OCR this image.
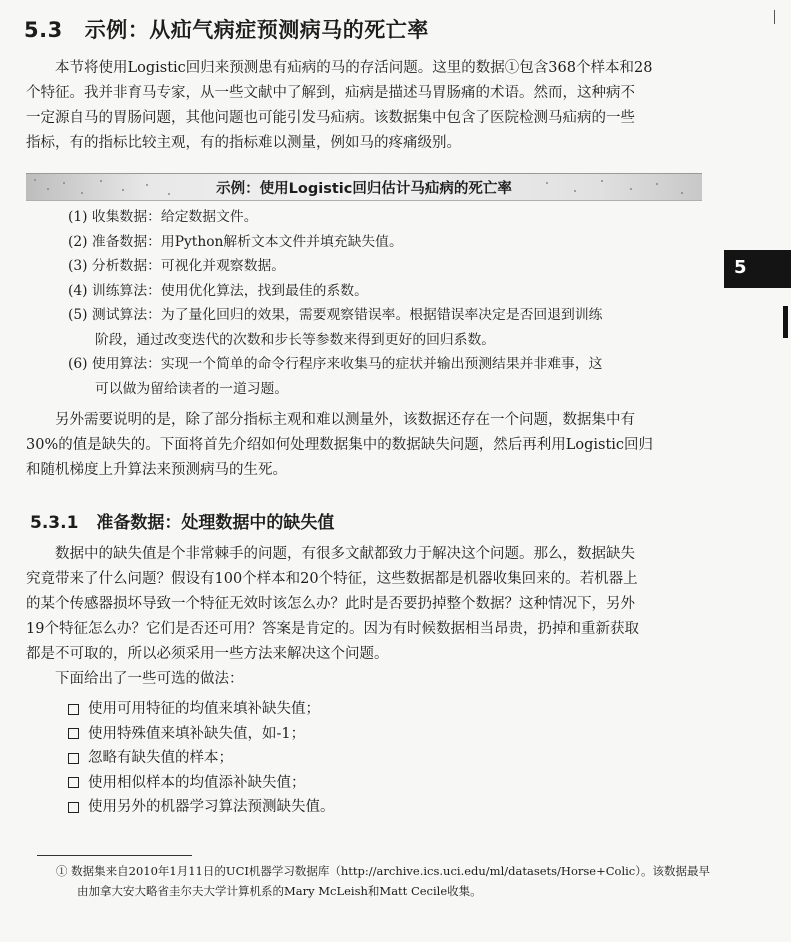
5.3 示例：从疝气病症预测病马的死亡率
本节将使用Logistic回归来预测患有疝病的马的存活问题。这里的数据①包含368个样本和28
个特征。我并非育马专家，从一些文献中了解到，疝病是描述马胃肠痛的术语。然而，这种病不
一定源自马的胃肠问题，其他问题也可能引发马疝病。该数据集中包含了医院检测马疝病的一些
指标，有的指标比较主观，有的指标难以测量，例如马的疼痛级别。
示例：使用Logistic回归估计马疝病的死亡率
(1) 收集数据：给定数据文件。
(2) 准备数据：用Python解析文本文件并填充缺失值。
(3) 分析数据：可视化并观察数据。
(4) 训练算法：使用优化算法，找到最佳的系数。
(5) 测试算法：为了量化回归的效果，需要观察错误率。根据错误率决定是否回退到训练
阶段，通过改变迭代的次数和步长等参数来得到更好的回归系数。
(6) 使用算法：实现一个简单的命令行程序来收集马的症状并输出预测结果并非难事，这
可以做为留给读者的一道习题。
另外需要说明的是，除了部分指标主观和难以测量外，该数据还存在一个问题，数据集中有
30%的值是缺失的。下面将首先介绍如何处理数据集中的数据缺失问题，然后再利用Logistic回归
和随机梯度上升算法来预测病马的生死。
5.3.1 准备数据：处理数据中的缺失值
数据中的缺失值是个非常棘手的问题，有很多文献都致力于解决这个问题。那么，数据缺失
究竟带来了什么问题？假设有100个样本和20个特征，这些数据都是机器收集回来的。若机器上
的某个传感器损坏导致一个特征无效时该怎么办？此时是否要扔掉整个数据？这种情况下，另外
19个特征怎么办？它们是否还可用？答案是肯定的。因为有时候数据相当昂贵，扔掉和重新获取
都是不可取的，所以必须采用一些方法来解决这个问题。
下面给出了一些可选的做法：
使用可用特征的均值来填补缺失值；
使用特殊值来填补缺失值，如-1；
忽略有缺失值的样本；
使用相似样本的均值添补缺失值；
使用另外的机器学习算法预测缺失值。
① 数据集来自2010年1月11日的UCI机器学习数据库（http://archive.ics.uci.edu/ml/datasets/Horse+Colic）。该数据最早
由加拿大安大略省圭尔夫大学计算机系的Mary McLeish和Matt Cecile收集。
5
